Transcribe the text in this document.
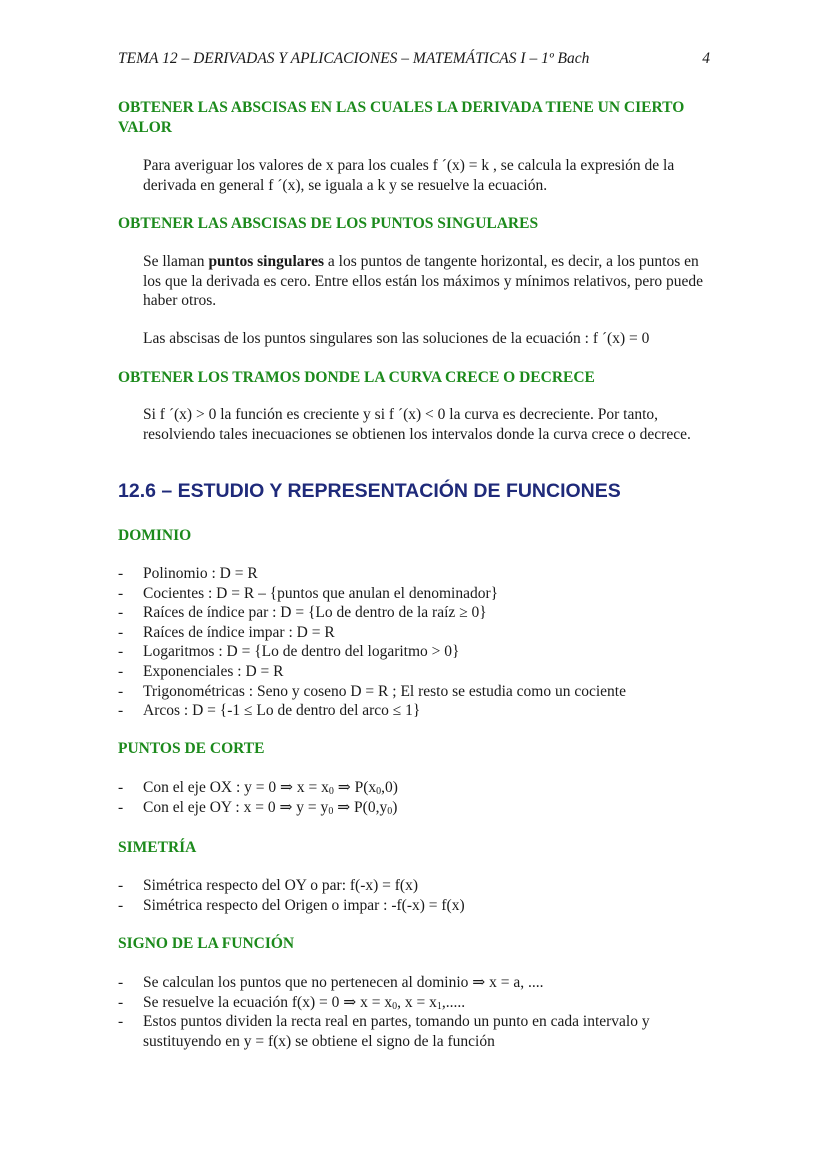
TEMA 12 – DERIVADAS Y APLICACIONES – MATEMÁTICAS I – 1º Bach	4
OBTENER LAS ABSCISAS EN LAS CUALES LA DERIVADA TIENE UN CIERTO VALOR
Para averiguar los valores de x para los cuales f ´(x) = k , se calcula la expresión de la derivada en general f ´(x), se iguala a k y se resuelve la ecuación.
OBTENER LAS ABSCISAS DE LOS PUNTOS SINGULARES
Se llaman puntos singulares a los puntos de tangente horizontal, es decir, a los puntos en los que la derivada es cero. Entre ellos están los máximos y mínimos relativos, pero puede haber otros.
Las abscisas de los puntos singulares son las soluciones de la ecuación : f ´(x) = 0
OBTENER LOS TRAMOS DONDE LA CURVA CRECE O DECRECE
Si f ´(x) > 0 la función es creciente y si f ´(x) < 0 la curva es decreciente. Por tanto, resolviendo tales inecuaciones se obtienen los intervalos donde la curva crece o decrece.
12.6 – ESTUDIO Y REPRESENTACIÓN DE FUNCIONES
DOMINIO
- Polinomio : D = R
- Cocientes : D = R – {puntos que anulan el denominador}
- Raíces de índice par : D = {Lo de dentro de la raíz ≥ 0}
- Raíces de índice impar : D = R
- Logaritmos : D = {Lo de dentro del logaritmo > 0}
- Exponenciales : D = R
- Trigonométricas : Seno y coseno D = R ; El resto se estudia como un cociente
- Arcos : D = {-1 ≤ Lo de dentro del arco ≤ 1}
PUNTOS DE CORTE
- Con el eje OX : y = 0 ⇒ $x = x_0$ ⇒ $P(x_0,0)$
- Con el eje OY : x = 0 ⇒ $y = y_0$ ⇒ $P(0,y_0)$
SIMETRÍA
- Simétrica respecto del OY o par: f(-x) = f(x)
- Simétrica respecto del Origen o impar : -f(-x) = f(x)
SIGNO DE LA FUNCIÓN
- Se calculan los puntos que no pertenecen al dominio ⇒ x = a, ....
- Se resuelve la ecuación f(x) = 0 ⇒ $x = x_0$, $x = x_1$,.....
- Estos puntos dividen la recta real en partes, tomando un punto en cada intervalo y sustituyendo en y = f(x) se obtiene el signo de la función
